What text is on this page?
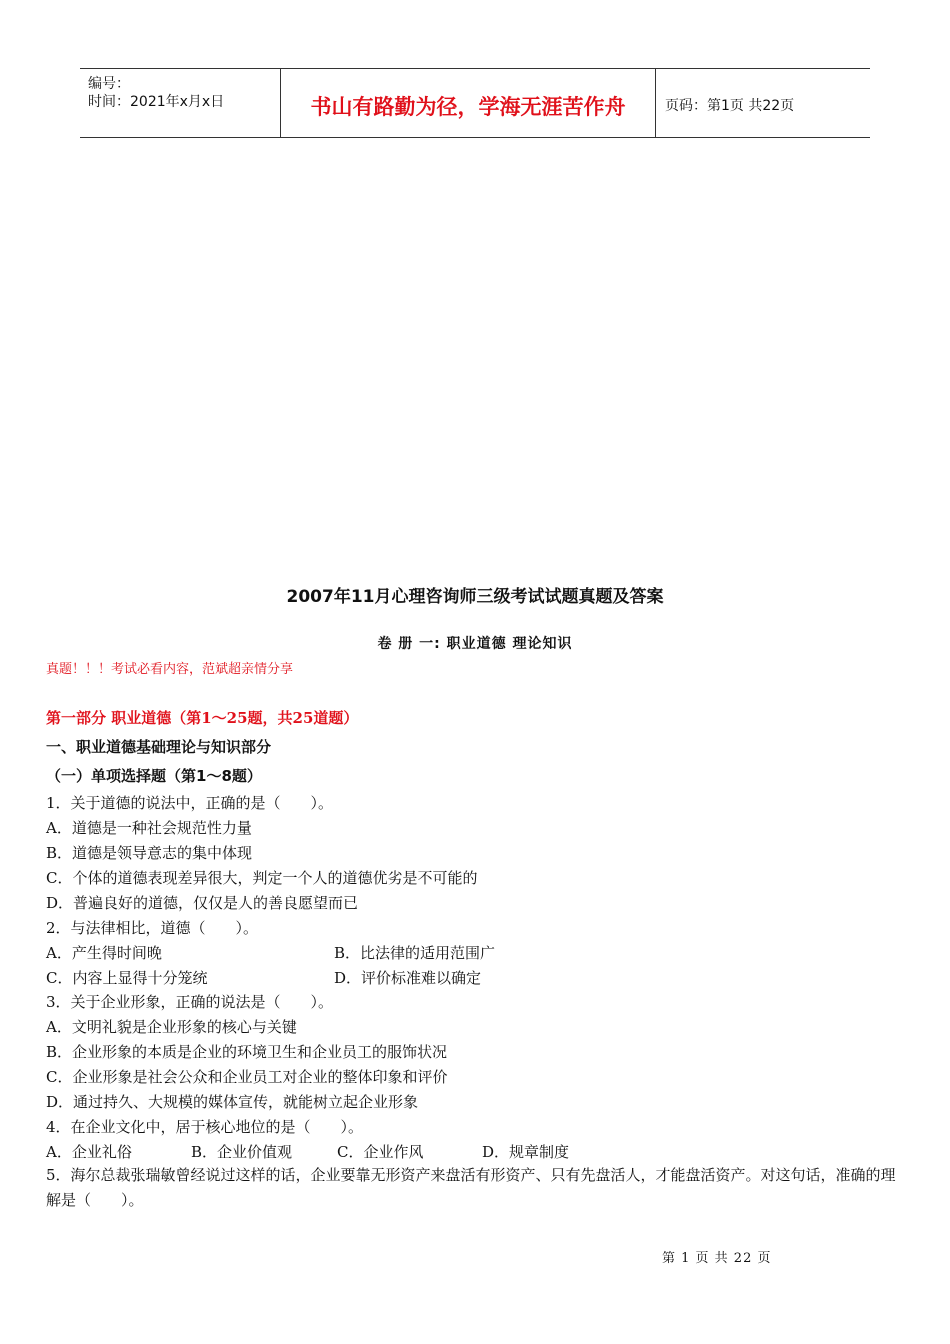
编号：
时间：2021年x月x日	书山有路勤为径，学海无涯苦作舟	页码：第1页 共22页
2007年11月心理咨询师三级考试试题真题及答案
卷 册 一: 职业道德 理论知识
真题！！！考试必看内容，范斌超亲情分享
第一部分 职业道德（第1～25题，共25道题）
一、职业道德基础理论与知识部分
（一）单项选择题（第1～8题）
1．关于道德的说法中，正确的是（　　）。
A．道德是一种社会规范性力量
B．道德是领导意志的集中体现
C．个体的道德表现差异很大，判定一个人的道德优劣是不可能的
D．普遍良好的道德，仅仅是人的善良愿望而已
2．与法律相比，道德（　　）。
A．产生得时间晚	B．比法律的适用范围广
C．内容上显得十分笼统	D．评价标准难以确定
3．关于企业形象，正确的说法是（　　）。
A．文明礼貌是企业形象的核心与关键
B．企业形象的本质是企业的环境卫生和企业员工的服饰状况
C．企业形象是社会公众和企业员工对企业的整体印象和评价
D．通过持久、大规模的媒体宣传，就能树立起企业形象
4．在企业文化中，居于核心地位的是（　　）。
A．企业礼俗	B．企业价值观	C．企业作风	D．规章制度
5．海尔总裁张瑞敏曾经说过这样的话，企业要靠无形资产来盘活有形资产、只有先盘活人，才能盘活资产。对这句话，准确的理解是（　　）。
第 1 页 共 22 页
